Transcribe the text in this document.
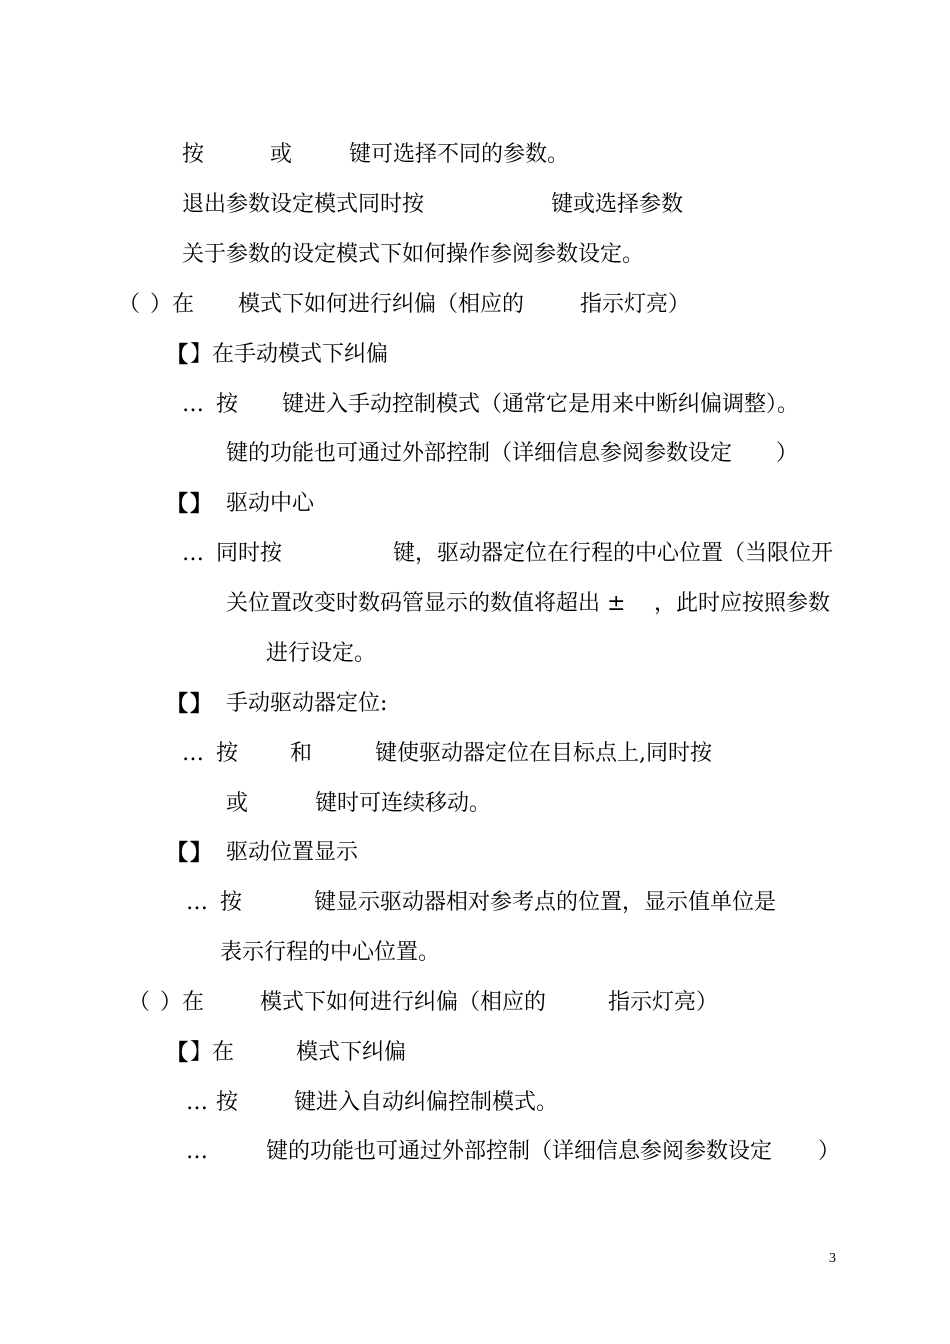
按	或	键可选择不同的参数。
退出参数设定模式同时按	键或选择参数
关于参数的设定模式下如何操作参阅参数设定。
（ ）在 模式下如何进行纠偏（相应的	指示灯亮）
【 】在手动模式下纠偏
… 按 键进入手动控制模式（通常它是用来中断纠偏调整）。
键的功能也可通过外部控制（详细信息参阅参数设定 ）
【 】 驱动中心
… 同时按	键，驱动器定位在行程的中心位置（当限位开
关位置改变时数码管显示的数值将超出 ± ，此时应按照参数
进行设定。
【 】 手动驱动器定位:
… 按 和	键使驱动器定位在目标点上,同时按
或	键时可连续移动。
【 】 驱动位置显示
… 按	键显示驱动器相对参考点的位置，显示值单位是
表示行程的中心位置。
（ ）在	模式下如何进行纠偏（相应的	指示灯亮）
【 】在	模式下纠偏
… 按	键进入自动纠偏控制模式。
…	键的功能也可通过外部控制（详细信息参阅参数设定 ）
3
